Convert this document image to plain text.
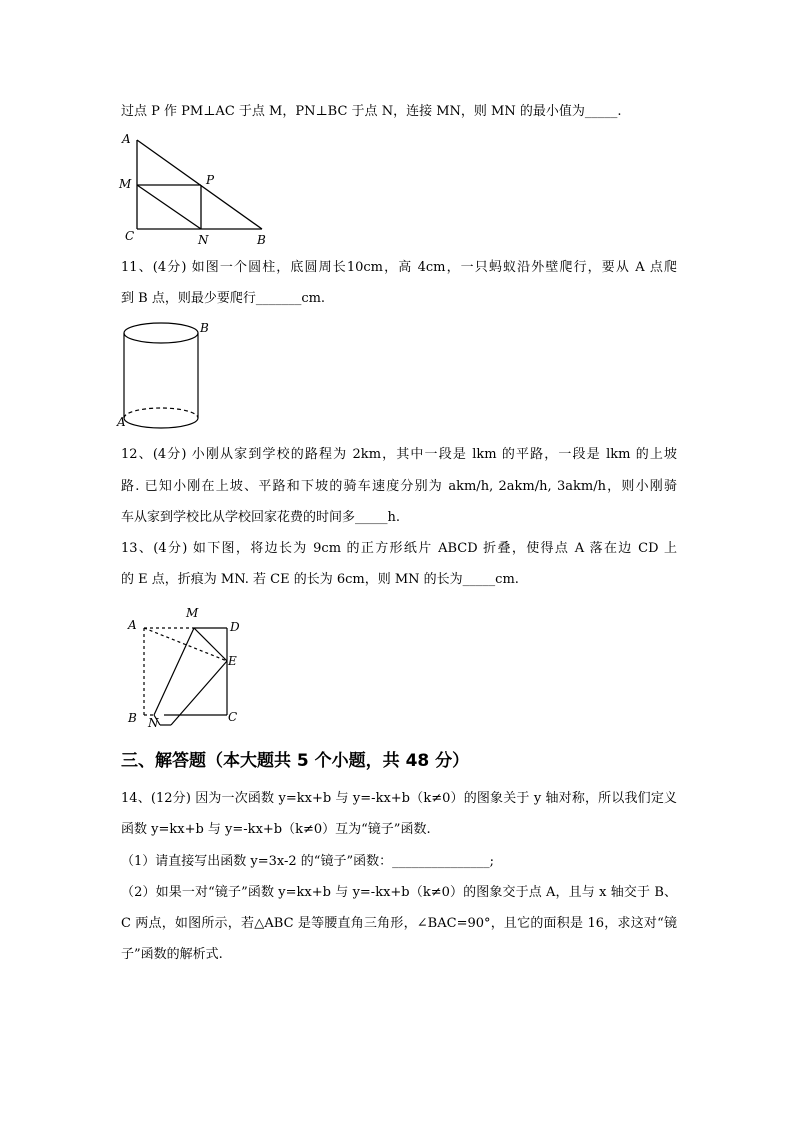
过点 P 作 PM⊥AC 于点 M，PN⊥BC 于点 N，连接 MN，则 MN 的最小值为_____.
A
M	P
C	N	B
11、(4分) 如图一个圆柱，底圆周长10cm，高 4cm，一只蚂蚁沿外壁爬行，要从 A 点爬
到 B 点，则最少要爬行_______cm.
B
A
12、(4分) 小刚从家到学校的路程为 2km，其中一段是 lkm 的平路，一段是 lkm 的上坡
路. 已知小刚在上坡、平路和下坡的骑车速度分别为 akm/h, 2akm/h, 3akm/h，则小刚骑
车从家到学校比从学校回家花费的时间多_____h.
13、(4分) 如下图，将边长为 9cm 的正方形纸片 ABCD 折叠，使得点 A 落在边 CD 上
的 E 点，折痕为 MN. 若 CE 的长为 6cm，则 MN 的长为_____cm.
A
M
D
E
B N	C
三、解答题（本大题共 5 个小题，共 48 分）
14、(12分) 因为一次函数 y=kx+b 与 y=-kx+b（k≠0）的图象关于 y 轴对称，所以我们定义
函数 y=kx+b 与 y=-kx+b（k≠0）互为“镜子”函数.
（1）请直接写出函数 y=3x-2 的“镜子”函数：_______________;
（2）如果一对“镜子”函数 y=kx+b 与 y=-kx+b（k≠0）的图象交于点 A，且与 x 轴交于 B、
C 两点，如图所示，若△ABC 是等腰直角三角形，∠BAC=90°，且它的面积是 16，求这对“镜
子”函数的解析式.
